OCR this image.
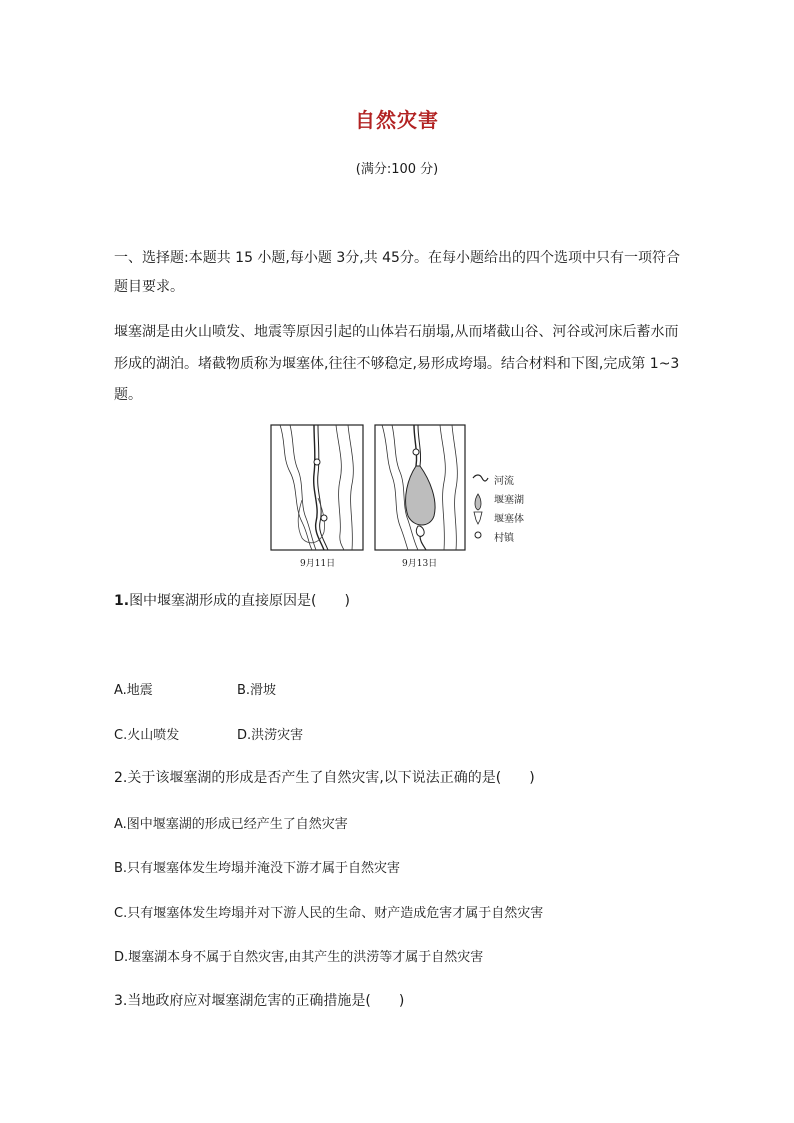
自然灾害
(满分:100 分)
一、选择题:本题共 15 小题,每小题 3分,共 45分。在每小题给出的四个选项中只有一项符合
题目要求。
堰塞湖是由火山喷发、地震等原因引起的山体岩石崩塌,从而堵截山谷、河谷或河床后蓄水而
形成的湖泊。堵截物质称为堰塞体,往往不够稳定,易形成垮塌。结合材料和下图,完成第 1~3
题。
河流
堰塞湖
堰塞体
村镇
9月11日	9月13日
1.图中堰塞湖形成的直接原因是(　　)
A.地震	B.滑坡
C.火山喷发	D.洪涝灾害
2.关于该堰塞湖的形成是否产生了自然灾害,以下说法正确的是(　　)
A.图中堰塞湖的形成已经产生了自然灾害
B.只有堰塞体发生垮塌并淹没下游才属于自然灾害
C.只有堰塞体发生垮塌并对下游人民的生命、财产造成危害才属于自然灾害
D.堰塞湖本身不属于自然灾害,由其产生的洪涝等才属于自然灾害
3.当地政府应对堰塞湖危害的正确措施是(　　)
